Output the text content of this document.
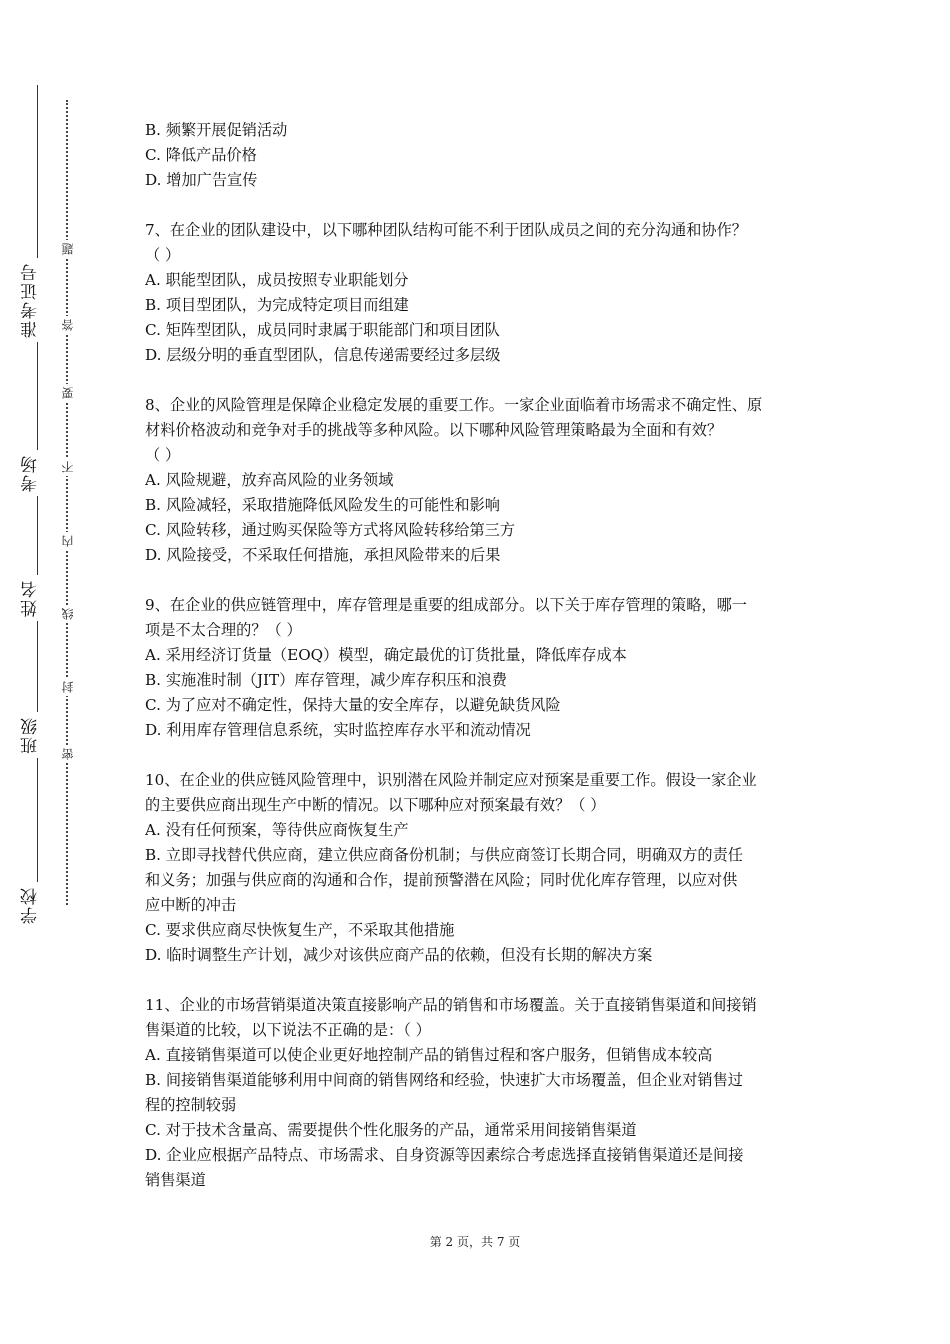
准考证号
考场
姓名
班级
学校
题
答
要
不
内
线
封
密
B. 频繁开展促销活动
C. 降低产品价格
D. 增加广告宣传
7、在企业的团队建设中，以下哪种团队结构可能不利于团队成员之间的充分沟通和协作？
（ ）
A. 职能型团队，成员按照专业职能划分
B. 项目型团队，为完成特定项目而组建
C. 矩阵型团队，成员同时隶属于职能部门和项目团队
D. 层级分明的垂直型团队，信息传递需要经过多层级
8、企业的风险管理是保障企业稳定发展的重要工作。一家企业面临着市场需求不确定性、原
材料价格波动和竞争对手的挑战等多种风险。以下哪种风险管理策略最为全面和有效？
（ ）
A. 风险规避，放弃高风险的业务领域
B. 风险减轻，采取措施降低风险发生的可能性和影响
C. 风险转移，通过购买保险等方式将风险转移给第三方
D. 风险接受，不采取任何措施，承担风险带来的后果
9、在企业的供应链管理中，库存管理是重要的组成部分。以下关于库存管理的策略，哪一
项是不太合理的？（ ）
A. 采用经济订货量（EOQ）模型，确定最优的订货批量，降低库存成本
B. 实施准时制（JIT）库存管理，减少库存积压和浪费
C. 为了应对不确定性，保持大量的安全库存，以避免缺货风险
D. 利用库存管理信息系统，实时监控库存水平和流动情况
10、在企业的供应链风险管理中，识别潜在风险并制定应对预案是重要工作。假设一家企业
的主要供应商出现生产中断的情况。以下哪种应对预案最有效？（ ）
A. 没有任何预案，等待供应商恢复生产
B. 立即寻找替代供应商，建立供应商备份机制；与供应商签订长期合同，明确双方的责任
和义务；加强与供应商的沟通和合作，提前预警潜在风险；同时优化库存管理，以应对供
应中断的冲击
C. 要求供应商尽快恢复生产，不采取其他措施
D. 临时调整生产计划，减少对该供应商产品的依赖，但没有长期的解决方案
11、企业的市场营销渠道决策直接影响产品的销售和市场覆盖。关于直接销售渠道和间接销
售渠道的比较，以下说法不正确的是：（ ）
A. 直接销售渠道可以使企业更好地控制产品的销售过程和客户服务，但销售成本较高
B. 间接销售渠道能够利用中间商的销售网络和经验，快速扩大市场覆盖，但企业对销售过
程的控制较弱
C. 对于技术含量高、需要提供个性化服务的产品，通常采用间接销售渠道
D. 企业应根据产品特点、市场需求、自身资源等因素综合考虑选择直接销售渠道还是间接
销售渠道
第 2 页，共 7 页
